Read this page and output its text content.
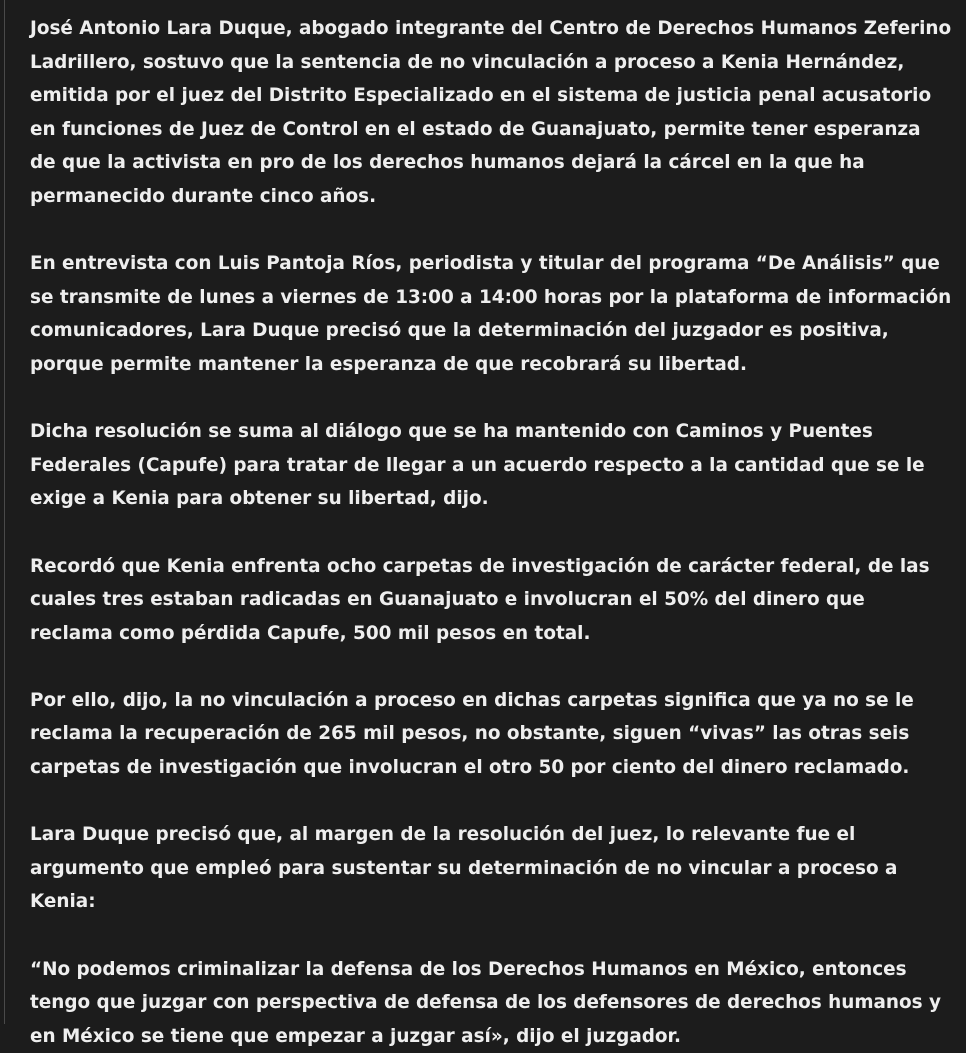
José Antonio Lara Duque, abogado integrante del Centro de Derechos Humanos Zeferino Ladrillero, sostuvo que la sentencia de no vinculación a proceso a Kenia Hernández, emitida por el juez del Distrito Especializado en el sistema de justicia penal acusatorio en funciones de Juez de Control en el estado de Guanajuato, permite tener esperanza de que la activista en pro de los derechos humanos dejará la cárcel en la que ha permanecido durante cinco años.

En entrevista con Luis Pantoja Ríos, periodista y titular del programa “De Análisis” que se transmite de lunes a viernes de 13:00 a 14:00 horas por la plataforma de información comunicadores, Lara Duque precisó que la determinación del juzgador es positiva, porque permite mantener la esperanza de que recobrará su libertad.

Dicha resolución se suma al diálogo que se ha mantenido con Caminos y Puentes Federales (Capufe) para tratar de llegar a un acuerdo respecto a la cantidad que se le exige a Kenia para obtener su libertad, dijo.

Recordó que Kenia enfrenta ocho carpetas de investigación de carácter federal, de las cuales tres estaban radicadas en Guanajuato e involucran el 50% del dinero que reclama como pérdida Capufe, 500 mil pesos en total.

Por ello, dijo, la no vinculación a proceso en dichas carpetas significa que ya no se le reclama la recuperación de 265 mil pesos, no obstante, siguen “vivas” las otras seis carpetas de investigación que involucran el otro 50 por ciento del dinero reclamado.

Lara Duque precisó que, al margen de la resolución del juez, lo relevante fue el argumento que empleó para sustentar su determinación de no vincular a proceso a Kenia:

“No podemos criminalizar la defensa de los Derechos Humanos en México, entonces tengo que juzgar con perspectiva de defensa de los defensores de derechos humanos y en México se tiene que empezar a juzgar así», dijo el juzgador.
